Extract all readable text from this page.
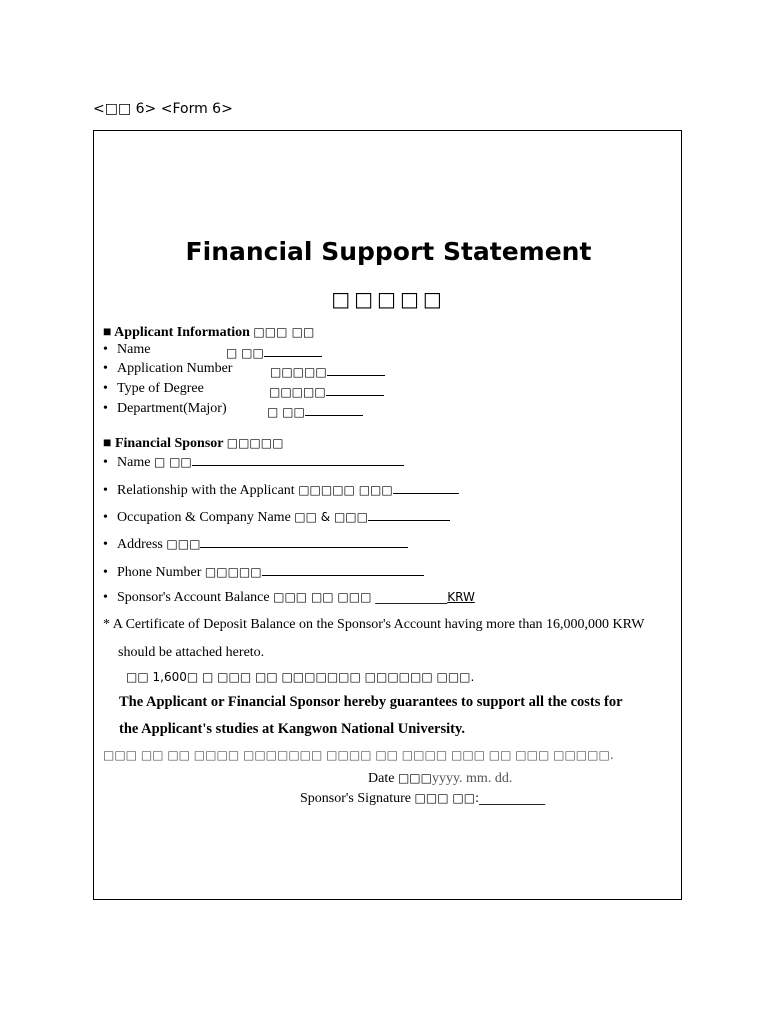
<□□ 6> <Form 6>
Financial Support Statement
□□□□□
■ Applicant Information □□□ □□
• Name	□ □□
• Application Number	□□□□□
• Type of Degree	□□□□□
• Department(Major)	□ □□
■ Financial Sponsor □□□□□
• Name □ □□
• Relationship with the Applicant □□□□□ □□□
• Occupation & Company Name □□ & □□□
• Address □□□
• Phone Number □□□□□
• Sponsor's Account Balance □□□ □□ □□□ ____________KRW
* A Certificate of Deposit Balance on the Sponsor's Account having more than 16,000,000 KRW
should be attached hereto.
□□ 1,600□ □ □□□ □□ □□□□□□□ □□□□□□ □□□.
The Applicant or Financial Sponsor hereby guarantees to support all the costs for
the Applicant's studies at Kangwon National University.
□□□ □□ □□ □□□□ □□□□□□□ □□□□ □□ □□□□ □□□ □□ □□□ □□□□□.
Date □□□yyyy. mm. dd.
Sponsor's Signature □□□ □□:___________
